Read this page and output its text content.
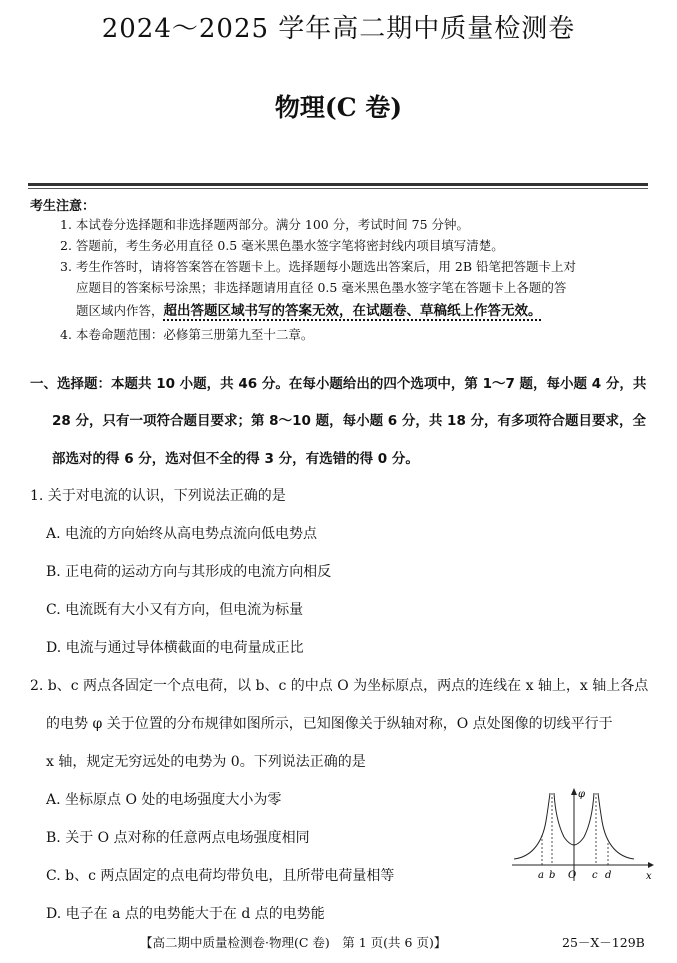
2024～2025 学年高二期中质量检测卷
物理(C 卷)
考生注意：
1. 本试卷分选择题和非选择题两部分。满分 100 分，考试时间 75 分钟。
2. 答题前，考生务必用直径 0.5 毫米黑色墨水签字笔将密封线内项目填写清楚。
3. 考生作答时，请将答案答在答题卡上。选择题每小题选出答案后，用 2B 铅笔把答题卡上对
应题目的答案标号涂黑；非选择题请用直径 0.5 毫米黑色墨水签字笔在答题卡上各题的答
题区域内作答，超出答题区域书写的答案无效，在试题卷、草稿纸上作答无效。
4. 本卷命题范围：必修第三册第九至十二章。
一、选择题：本题共 10 小题，共 46 分。在每小题给出的四个选项中，第 1～7 题，每小题 4 分，共
28 分，只有一项符合题目要求；第 8～10 题，每小题 6 分，共 18 分，有多项符合题目要求，全
部选对的得 6 分，选对但不全的得 3 分，有选错的得 0 分。
1. 关于对电流的认识，下列说法正确的是
A. 电流的方向始终从高电势点流向低电势点
B. 正电荷的运动方向与其形成的电流方向相反
C. 电流既有大小又有方向，但电流为标量
D. 电流与通过导体横截面的电荷量成正比
2. b、c 两点各固定一个点电荷，以 b、c 的中点 O 为坐标原点，两点的连线在 x 轴上，x 轴上各点
的电势 φ 关于位置的分布规律如图所示，已知图像关于纵轴对称，O 点处图像的切线平行于
x 轴，规定无穷远处的电势为 0。下列说法正确的是
A. 坐标原点 O 处的电场强度大小为零
B. 关于 O 点对称的任意两点电场强度相同
C. b、c 两点固定的点电荷均带负电，且所带电荷量相等
D. 电子在 a 点的电势能大于在 d 点的电势能
φ
x
a b O c d
【高二期中质量检测卷·物理(C 卷)　第 1 页(共 6 页)】	25－X－129B
